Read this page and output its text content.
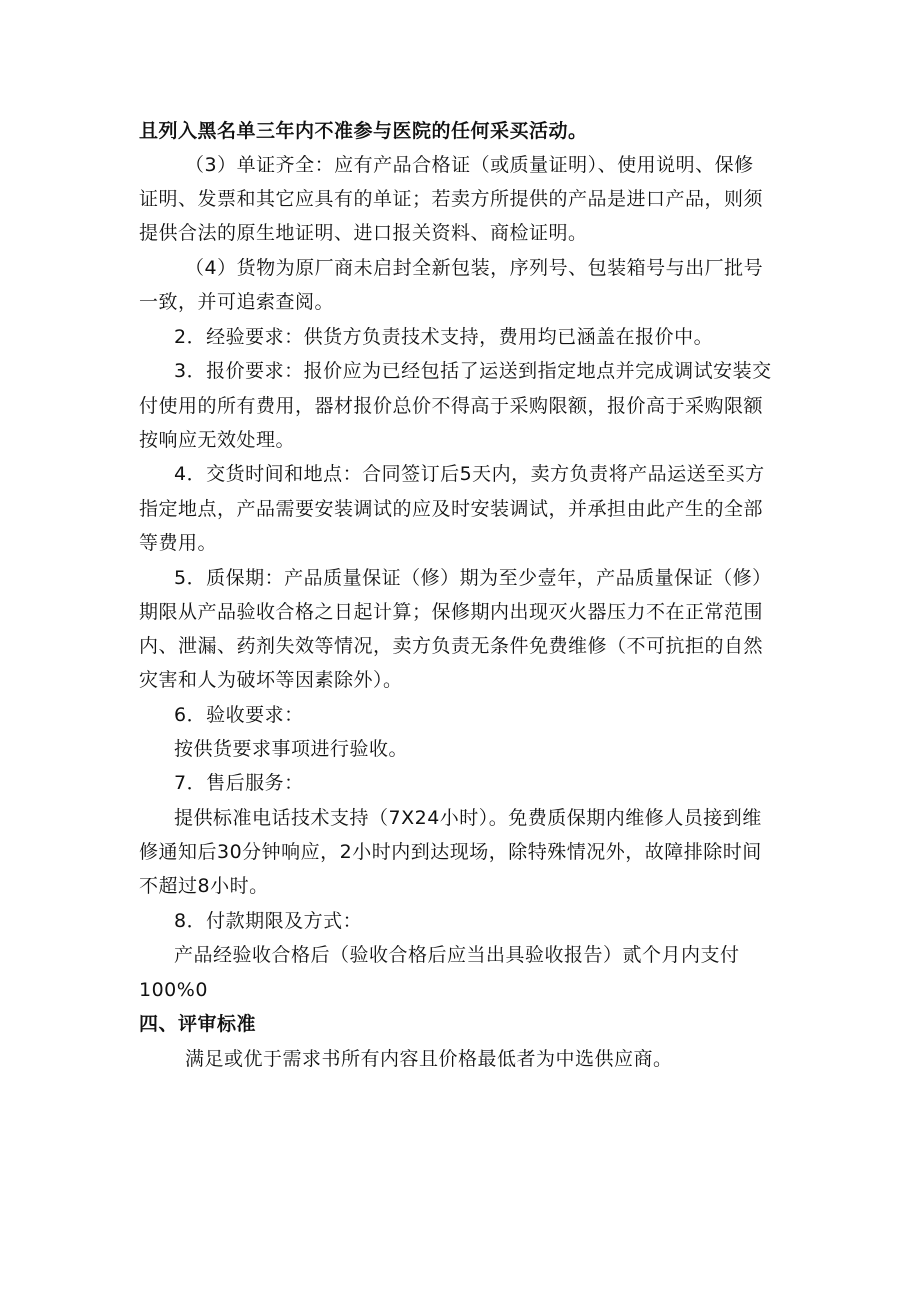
且列入黑名单三年内不准参与医院的任何采买活动。

（3）单证齐全：应有产品合格证（或质量证明）、使用说明、保修

证明、发票和其它应具有的单证；若卖方所提供的产品是进口产品，则须

提供合法的原生地证明、进口报关资料、商检证明。

（4）货物为原厂商未启封全新包装，序列号、包装箱号与出厂批号

一致，并可追索查阅。

2．经验要求：供货方负责技术支持，费用均已涵盖在报价中。

3．报价要求：报价应为已经包括了运送到指定地点并完成调试安装交

付使用的所有费用，器材报价总价不得高于采购限额，报价高于采购限额

按响应无效处理。

4．交货时间和地点：合同签订后5天内，卖方负责将产品运送至买方

指定地点，产品需要安装调试的应及时安装调试，并承担由此产生的全部

等费用。

5．质保期：产品质量保证（修）期为至少壹年，产品质量保证（修）

期限从产品验收合格之日起计算；保修期内出现灭火器压力不在正常范围

内、泄漏、药剂失效等情况，卖方负责无条件免费维修（不可抗拒的自然

灾害和人为破坏等因素除外）。

6．验收要求：

按供货要求事项进行验收。

7．售后服务：

提供标准电话技术支持（7X24小时）。免费质保期内维修人员接到维

修通知后30分钟响应，2小时内到达现场，除特殊情况外，故障排除时间

不超过8小时。

8．付款期限及方式：

产品经验收合格后（验收合格后应当出具验收报告）贰个月内支付

100%0

四、评审标准

满足或优于需求书所有内容且价格最低者为中选供应商。
